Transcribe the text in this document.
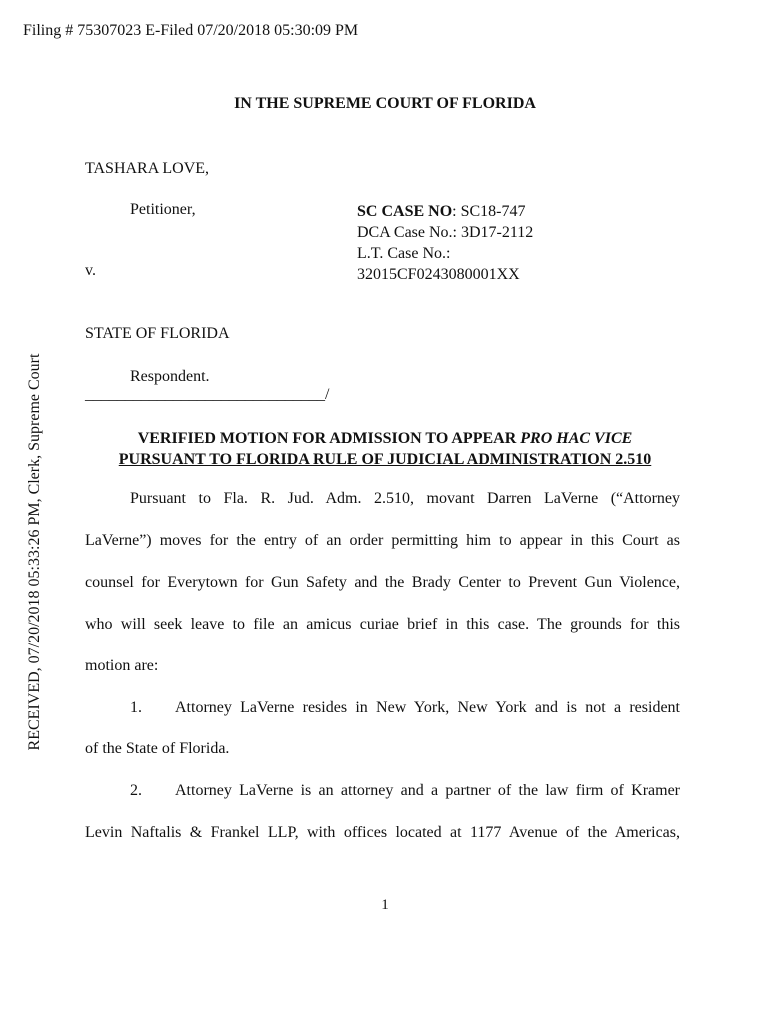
Filing # 75307023 E-Filed 07/20/2018 05:30:09 PM
RECEIVED, 07/20/2018 05:33:26 PM, Clerk, Supreme Court
IN THE SUPREME COURT OF FLORIDA
TASHARA LOVE,
Petitioner,
v.
SC CASE NO: SC18-747
DCA Case No.: 3D17-2112
L.T. Case No.:
32015CF0243080001XX
STATE OF FLORIDA
Respondent.
______________________________/
VERIFIED MOTION FOR ADMISSION TO APPEAR PRO HAC VICE
PURSUANT TO FLORIDA RULE OF JUDICIAL ADMINISTRATION 2.510
Pursuant to Fla. R. Jud. Adm. 2.510, movant Darren LaVerne (“Attorney
LaVerne”) moves for the entry of an order permitting him to appear in this Court as
counsel for Everytown for Gun Safety and the Brady Center to Prevent Gun Violence,
who will seek leave to file an amicus curiae brief in this case. The grounds for this
motion are:
1. Attorney LaVerne resides in New York, New York and is not a resident
of the State of Florida.
2. Attorney LaVerne is an attorney and a partner of the law firm of Kramer
Levin Naftalis & Frankel LLP, with offices located at 1177 Avenue of the Americas,
1
